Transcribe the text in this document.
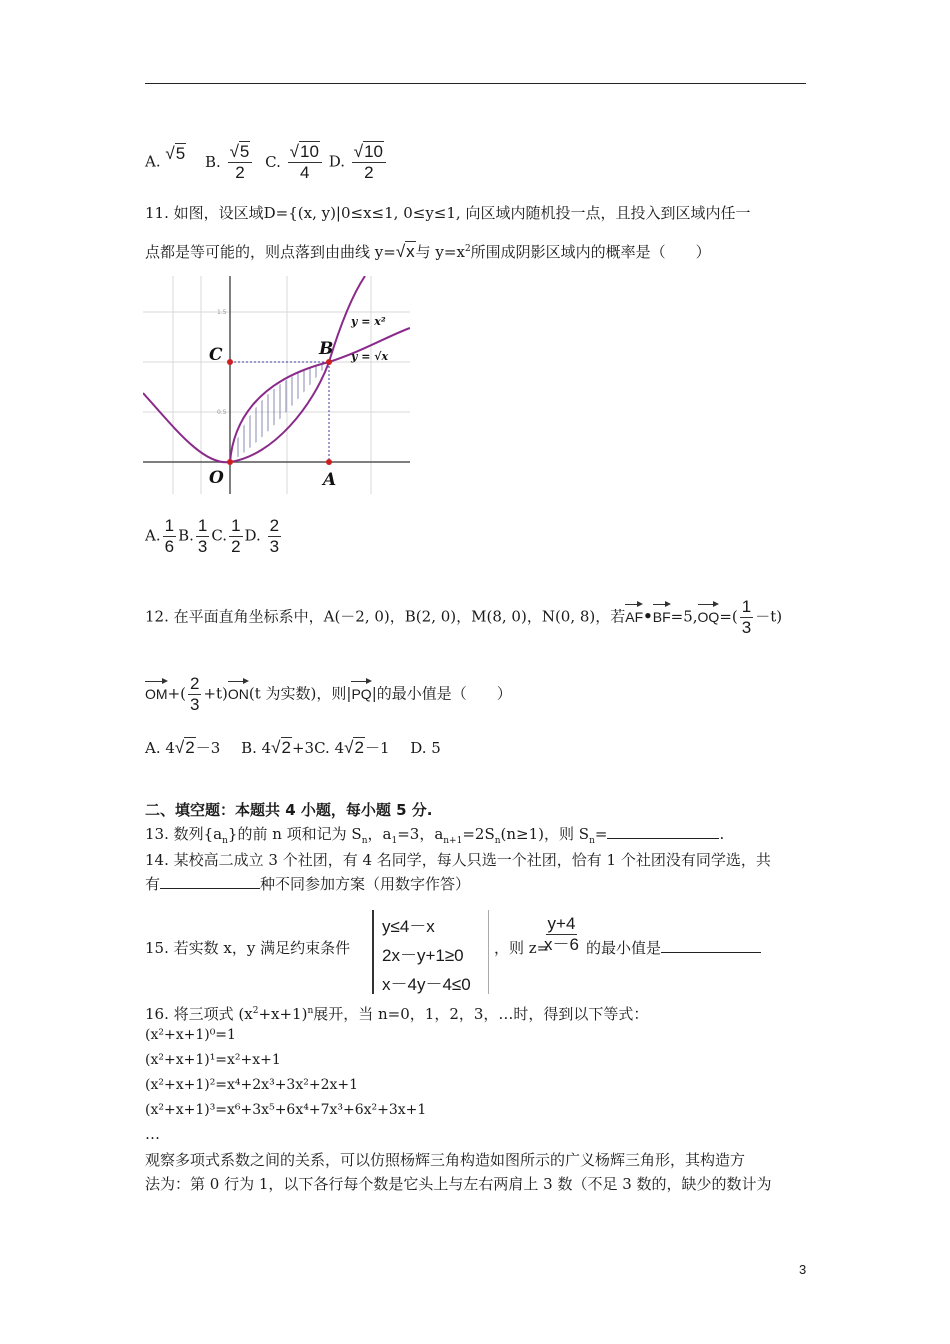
A. √5 B. $\frac{√5}{2} C$. $\frac{√10}{4} D$. $\frac{√10}{2}$
11. 如图，设区域D={(x, y)|0≤x≤1, 0≤y≤1, 向区域内随机投一点，且投入到区域内任一
点都是等可能的，则点落到由曲线 y=√x与 $y=x^2$所围成阴影区域内的概率是（　　）
C	B
O	A
y = x²
y = √x
1.5
0.5
A. $\frac{1}{6} B$. $\frac{1}{3} C$. $\frac{1}{2} D$. $\frac{2}{3}$
12. 在平面直角坐标系中，A(－2, 0)，B(2, 0)，M(8, 0)，N(0, 8)，若AF•BF=5,OQ=( $\frac{1}{3} -t$)
$OM+( \frac{2}{3} +t)ON(t$ 为实数)，则|PQ|的最小值是（　　）
A. 4√2－3 B. 4√2+3C. 4√2－1 D. 5
二、填空题：本题共 4 小题，每小题 5 分.
13. 数列$\{a_n\}$的前 n 项和记为 $S_n$，$a_1=3$，$a_{n+1}=2S_n(n\ge 1)$，则 $S_n=$	.
14. 某校高二成立 3 个社团，有 4 名同学，每人只选一个社团，恰有 1 个社团没有同学选，共
有	种不同参加方案（用数字作答）
15. 若实数 x，y 满足约束条件
y≤4－x
2x－y+1≥0
x－4y－4≤0
，则 z=
$\frac{y+4}{x-6}$ 的最小值是
16. 将三项式 $(x^2+x+1)^n$展开，当 n=0，1，2，3，…时，得到以下等式：
(x²+x+1)⁰=1
(x²+x+1)¹=x²+x+1
(x²+x+1)²=x⁴+2x³+3x²+2x+1
(x²+x+1)³=x⁶+3x⁵+6x⁴+7x³+6x²+3x+1
…
观察多项式系数之间的关系，可以仿照杨辉三角构造如图所示的广义杨辉三角形，其构造方
法为：第 0 行为 1，以下各行每个数是它头上与左右两肩上 3 数（不足 3 数的，缺少的数计为
3
